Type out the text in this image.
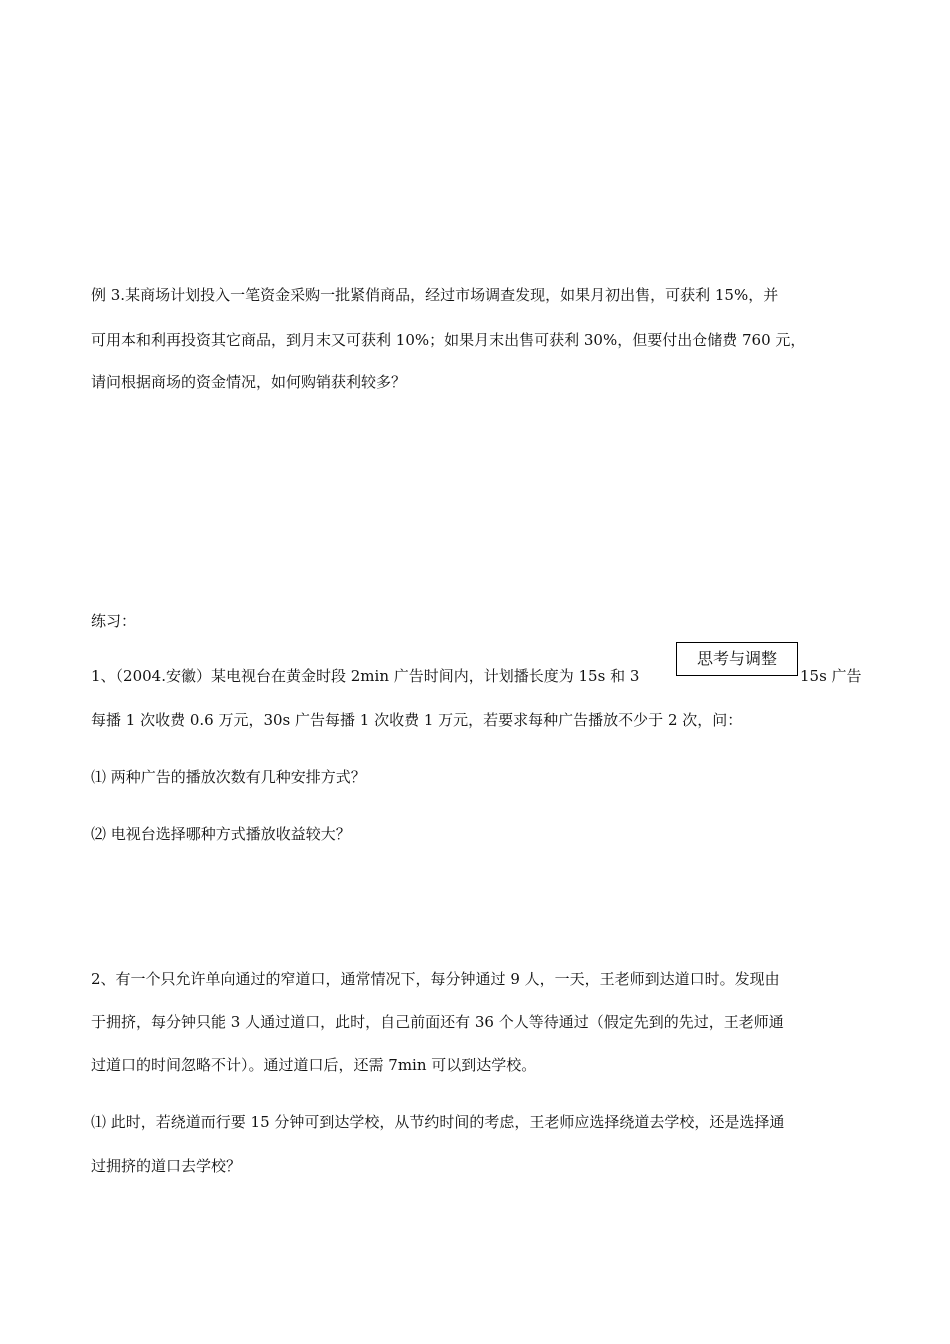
例 3.某商场计划投入一笔资金采购一批紧俏商品，经过市场调查发现，如果月初出售，可获利 15%，并
可用本和利再投资其它商品，到月末又可获利 10%；如果月末出售可获利 30%，但要付出仓储费 760 元，
请问根据商场的资金情况，如何购销获利较多？
练习：
1、（2004.安徽）某电视台在黄金时段 2min 广告时间内，计划播长度为 15s 和 3	15s 广告
每播 1 次收费 0.6 万元，30s 广告每播 1 次收费 1 万元，若要求每种广告播放不少于 2 次，问：
⑴ 两种广告的播放次数有几种安排方式？
⑵ 电视台选择哪种方式播放收益较大？
思考与调整
2、有一个只允许单向通过的窄道口，通常情况下，每分钟通过 9 人，一天，王老师到达道口时。发现由
于拥挤，每分钟只能 3 人通过道口，此时，自己前面还有 36 个人等待通过（假定先到的先过，王老师通
过道口的时间忽略不计）。通过道口后，还需 7min 可以到达学校。
⑴ 此时，若绕道而行要 15 分钟可到达学校，从节约时间的考虑，王老师应选择绕道去学校，还是选择通
过拥挤的道口去学校？
